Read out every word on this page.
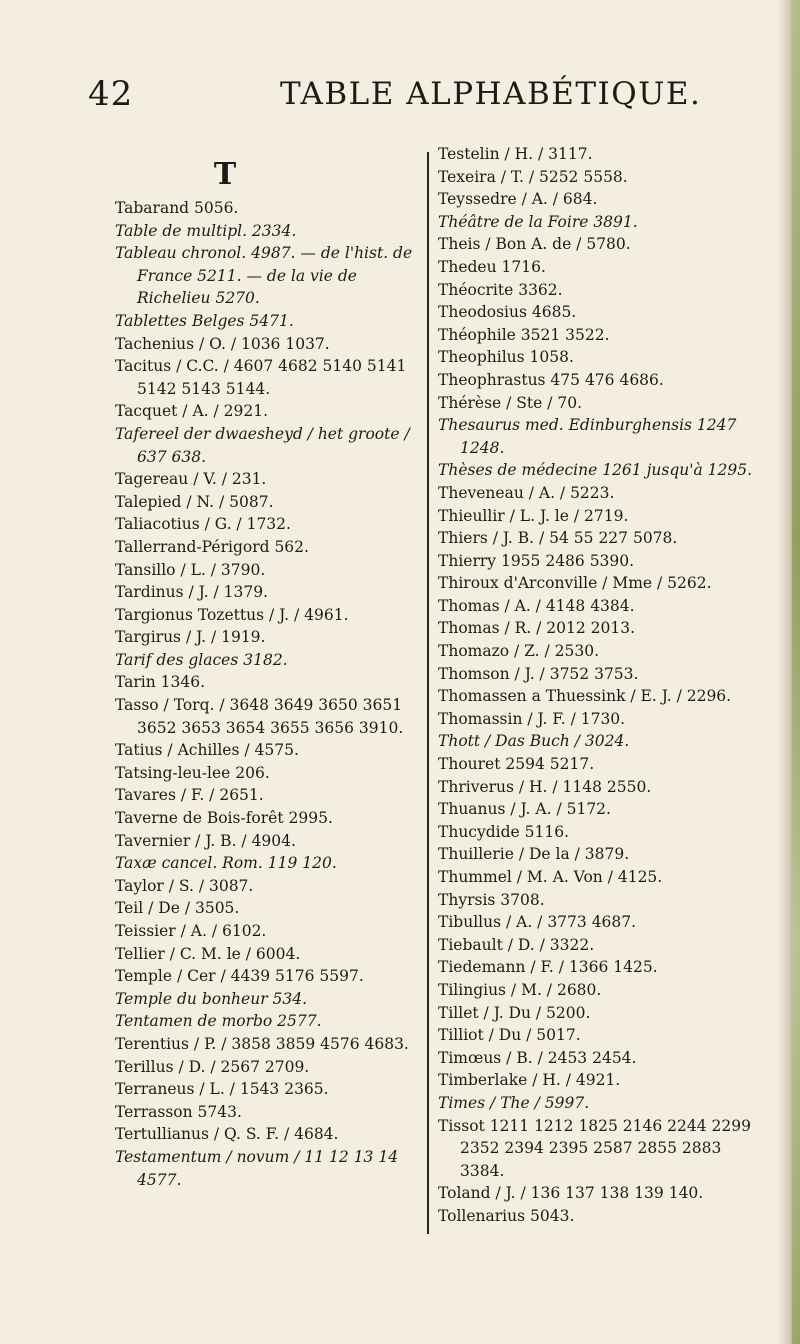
42	TABLE ALPHABÉTIQUE.
T

Tabarand 5056.

Table de multipl. 2334.

Tableau chronol. 4987. — de l'hist. de France 5211. — de la vie de Richelieu 5270.

Tablettes Belges 5471.

Tachenius / O. / 1036 1037.

Tacitus / C.C. / 4607 4682 5140 5141 5142 5143 5144.

Tacquet / A. / 2921.

Tafereel der dwaesheyd / het groote / 637 638.

Tagereau / V. / 231.

Talepied / N. / 5087.

Taliacotius / G. / 1732.

Tallerrand-Périgord 562.

Tansillo / L. / 3790.

Tardinus / J. / 1379.

Targionus Tozettus / J. / 4961.

Targirus / J. / 1919.

Tarif des glaces 3182.

Tarin 1346.

Tasso / Torq. / 3648 3649 3650 3651 3652 3653 3654 3655 3656 3910.

Tatius / Achilles / 4575.

Tatsing-leu-lee 206.

Tavares / F. / 2651.

Taverne de Bois-forêt 2995.

Tavernier / J. B. / 4904.

Taxæ cancel. Rom. 119 120.

Taylor / S. / 3087.

Teil / De / 3505.

Teissier / A. / 6102.

Tellier / C. M. le / 6004.

Temple / Cer / 4439 5176 5597.

Temple du bonheur 534.

Tentamen de morbo 2577.

Terentius / P. / 3858 3859 4576 4683.

Terillus / D. / 2567 2709.

Terraneus / L. / 1543 2365.

Terrasson 5743.

Tertullianus / Q. S. F. / 4684.

Testamentum / novum / 11 12 13 14 4577.

Testelin / H. / 3117.

Texeira / T. / 5252 5558.

Teyssedre / A. / 684.

Théâtre de la Foire 3891.

Theis / Bon A. de / 5780.

Thedeu 1716.

Théocrite 3362.

Theodosius 4685.

Théophile 3521 3522.

Theophilus 1058.

Theophrastus 475 476 4686.

Thérèse / Ste / 70.

Thesaurus med. Edinburghensis 1247 1248.

Thèses de médecine 1261 jusqu'à 1295.

Theveneau / A. / 5223.

Thieullir / L. J. le / 2719.

Thiers / J. B. / 54 55 227 5078.

Thierry 1955 2486 5390.

Thiroux d'Arconville / Mme / 5262.

Thomas / A. / 4148 4384.

Thomas / R. / 2012 2013.

Thomazo / Z. / 2530.

Thomson / J. / 3752 3753.

Thomassen a Thuessink / E. J. / 2296.

Thomassin / J. F. / 1730.

Thott / Das Buch / 3024.

Thouret 2594 5217.

Thriverus / H. / 1148 2550.

Thuanus / J. A. / 5172.

Thucydide 5116.

Thuillerie / De la / 3879.

Thummel / M. A. Von / 4125.

Thyrsis 3708.

Tibullus / A. / 3773 4687.

Tiebault / D. / 3322.

Tiedemann / F. / 1366 1425.

Tilingius / M. / 2680.

Tillet / J. Du / 5200.

Tilliot / Du / 5017.

Timœus / B. / 2453 2454.

Timberlake / H. / 4921.

Times / The / 5997.

Tissot 1211 1212 1825 2146 2244 2299 2352 2394 2395 2587 2855 2883 3384.

Toland / J. / 136 137 138 139 140.

Tollenarius 5043.
